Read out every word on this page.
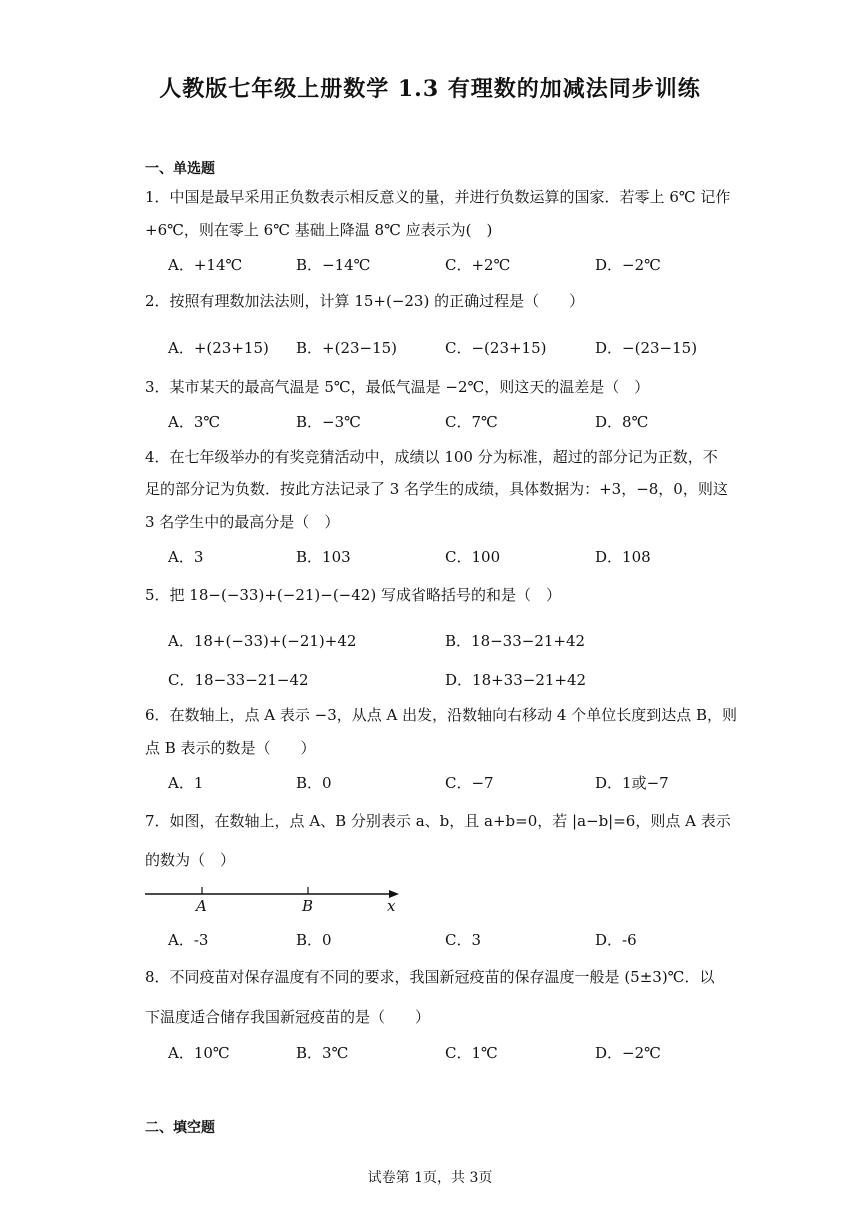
人教版七年级上册数学 1.3 有理数的加减法同步训练
一、单选题
1．中国是最早采用正负数表示相反意义的量，并进行负数运算的国家．若零上 6℃ 记作
+6℃，则在零上 6℃ 基础上降温 8℃ 应表示为(　)
A．+14℃	B．−14℃	C．+2℃	D．−2℃
2．按照有理数加法法则，计算 15+(−23) 的正确过程是（　　）
A．+(23+15) B．+(23−15)	C．−(23+15)	D．−(23−15)
3．某市某天的最高气温是 5℃，最低气温是 −2℃，则这天的温差是（　）
A．3℃	B．−3℃	C．7℃	D．8℃
4．在七年级举办的有奖竞猜活动中，成绩以 100 分为标准，超过的部分记为正数，不
足的部分记为负数．按此方法记录了 3 名学生的成绩，具体数据为：+3，−8，0，则这
3 名学生中的最高分是（　）
A．3	B．103	C．100	D．108
5．把 18−(−33)+(−21)−(−42) 写成省略括号的和是（　）
A．18+(−33)+(−21)+42	B．18−33−21+42
C．18−33−21−42	D．18+33−21+42
6．在数轴上，点 A 表示 −3，从点 A 出发，沿数轴向右移动 4 个单位长度到达点 B，则
点 B 表示的数是（　　）
A．1	B．0	C．−7	D．1或−7
7．如图，在数轴上，点 A、B 分别表示 a、b，且 a+b=0，若 |a−b|=6，则点 A 表示
的数为（　）
A	B	x
A．-3	B．0	C．3	D．-6
8．不同疫苗对保存温度有不同的要求，我国新冠疫苗的保存温度一般是 (5±3)℃．以
下温度适合储存我国新冠疫苗的是（　　）
A．10℃	B．3℃	C．1℃	D．−2℃
二、填空题
试卷第 1页，共 3页
